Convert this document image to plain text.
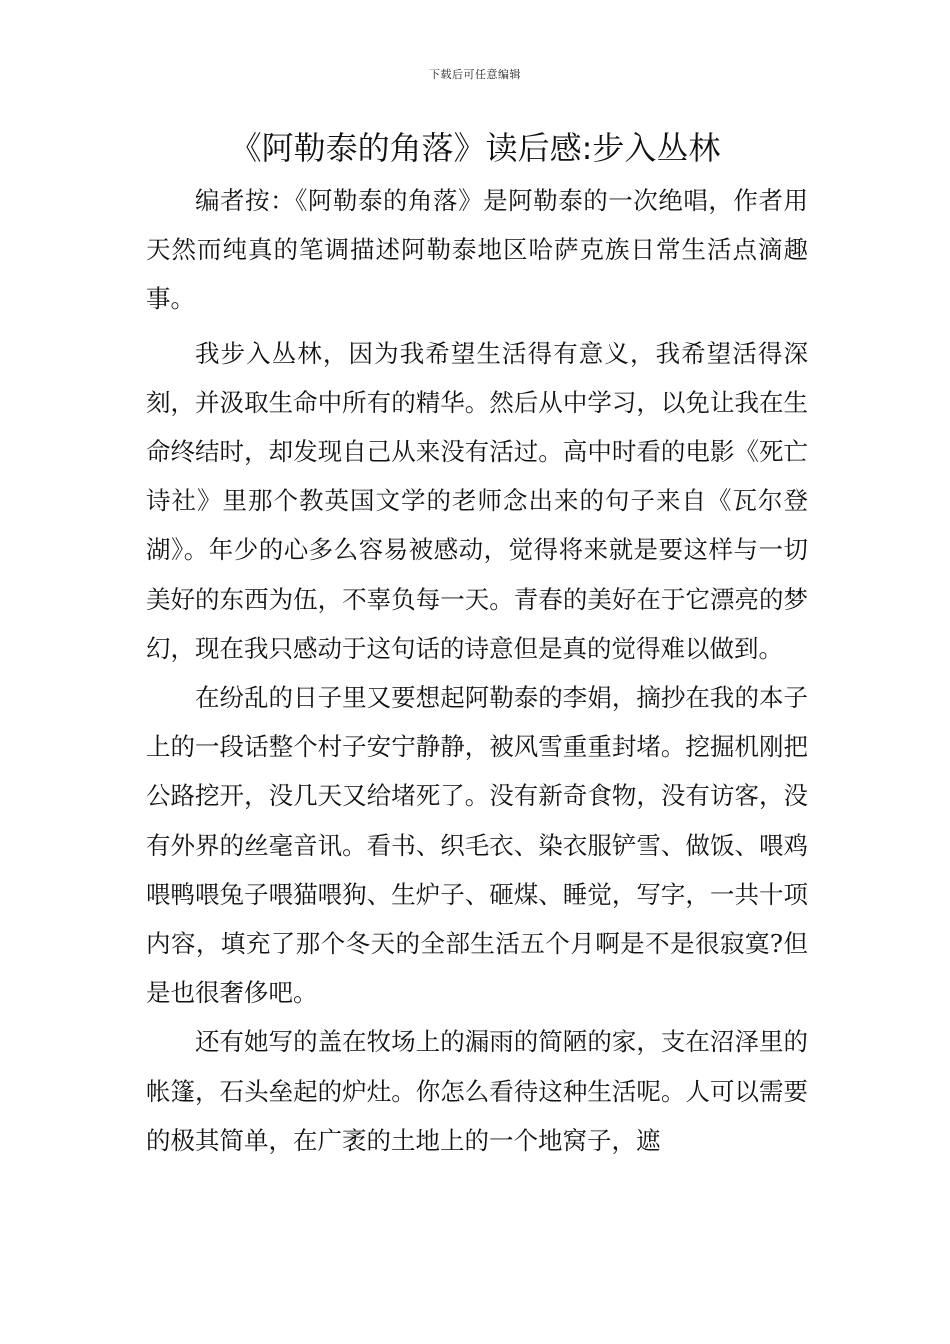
下载后可任意编辑
《阿勒泰的角落》读后感:步入丛林

编者按：《阿勒泰的角落》是阿勒泰的一次绝唱，作者用天然而纯真的笔调描述阿勒泰地区哈萨克族日常生活点滴趣事。

我步入丛林，因为我希望生活得有意义，我希望活得深刻，并汲取生命中所有的精华。然后从中学习，以免让我在生命终结时，却发现自己从来没有活过。高中时看的电影《死亡诗社》里那个教英国文学的老师念出来的句子来自《瓦尔登湖》。年少的心多么容易被感动，觉得将来就是要这样与一切美好的东西为伍，不辜负每一天。青春的美好在于它漂亮的梦幻，现在我只感动于这句话的诗意但是真的觉得难以做到。

在纷乱的日子里又要想起阿勒泰的李娟，摘抄在我的本子上的一段话整个村子安宁静静，被风雪重重封堵。挖掘机刚把公路挖开，没几天又给堵死了。没有新奇食物，没有访客，没有外界的丝毫音讯。看书、织毛衣、染衣服铲雪、做饭、喂鸡喂鸭喂兔子喂猫喂狗、生炉子、砸煤、睡觉，写字，一共十项内容，填充了那个冬天的全部生活五个月啊是不是很寂寞?但是也很奢侈吧。

还有她写的盖在牧场上的漏雨的简陋的家，支在沼泽里的帐篷，石头垒起的炉灶。你怎么看待这种生活呢。人可以需要的极其简单，在广袤的土地上的一个地窝子，遮
